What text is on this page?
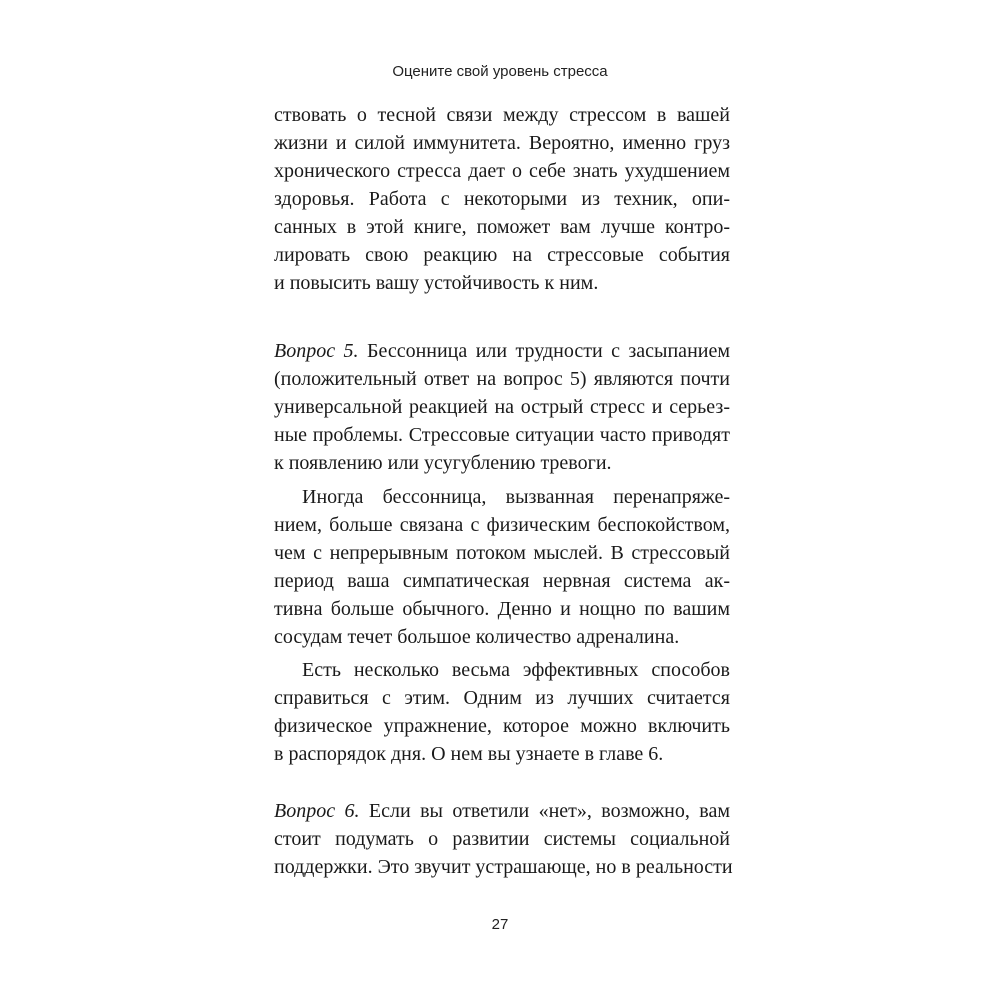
Оцените свой уровень стресса
ствовать о тесной связи между стрессом в вашей
жизни и силой иммунитета. Вероятно, именно груз
хронического стресса дает о себе знать ухудшением
здоровья. Работа с некоторыми из техник, опи-
санных в этой книге, поможет вам лучше контро-
лировать свою реакцию на стрессовые события
и повысить вашу устойчивость к ним.
Вопрос 5. Бессонница или трудности с засыпанием
(положительный ответ на вопрос 5) являются почти
универсальной реакцией на острый стресс и серьез-
ные проблемы. Стрессовые ситуации часто приводят
к появлению или усугублению тревоги.
Иногда бессонница, вызванная перенапряже-
нием, больше связана с физическим беспокойством,
чем с непрерывным потоком мыслей. В стрессовый
период ваша симпатическая нервная система ак-
тивна больше обычного. Денно и нощно по вашим
сосудам течет большое количество адреналина.
Есть несколько весьма эффективных способов
справиться с этим. Одним из лучших считается
физическое упражнение, которое можно включить
в распорядок дня. О нем вы узнаете в главе 6.
Вопрос 6. Если вы ответили «нет», возможно, вам
стоит подумать о развитии системы социальной
поддержки. Это звучит устрашающе, но в реальности
27
